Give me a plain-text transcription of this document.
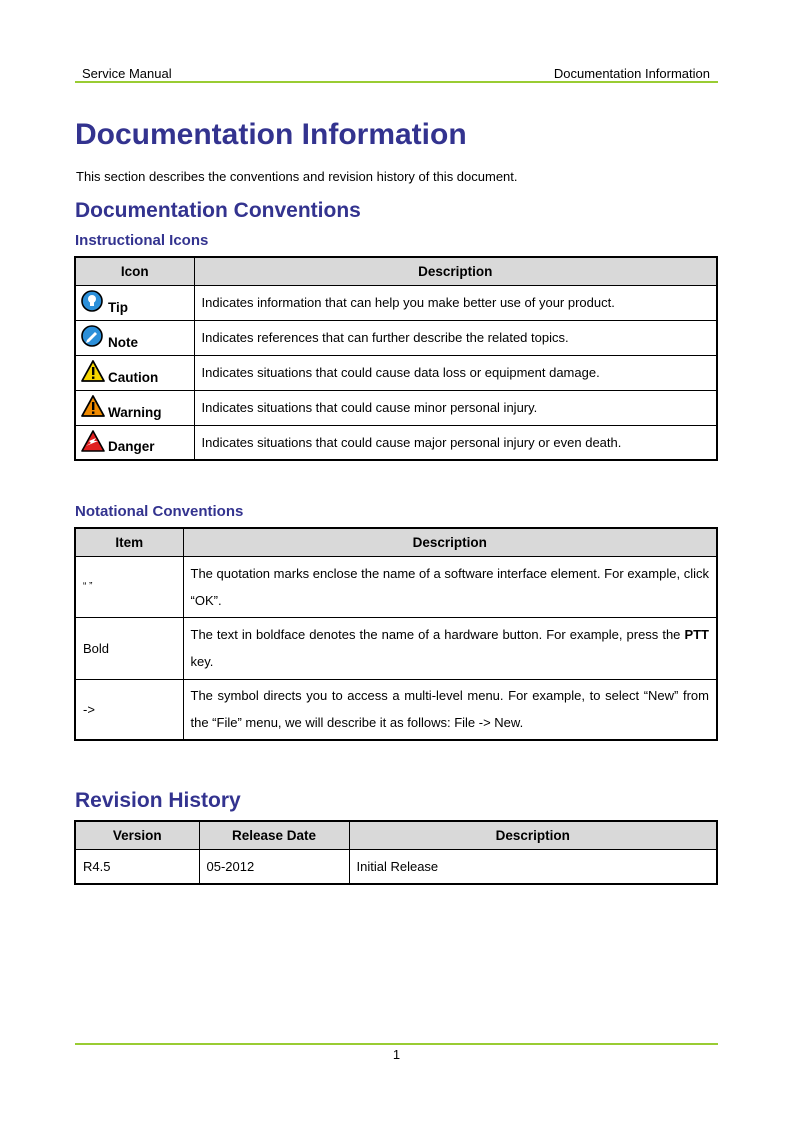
Service Manual	Documentation Information
Documentation Information
This section describes the conventions and revision history of this document.
Documentation Conventions
Instructional Icons
Icon	Description

Tip	Indicates information that can help you make better use of your product.

Note	Indicates references that can further describe the related topics.

Caution	Indicates situations that could cause data loss or equipment damage.

Warning	Indicates situations that could cause minor personal injury.

Danger	Indicates situations that could cause major personal injury or even death.
Notational Conventions
Item	Description
“ ”	The quotation marks enclose the name of a software interface element. For example, click “OK”.
Bold	The text in boldface denotes the name of a hardware button. For example, press the PTT key.
->	The symbol directs you to access a multi-level menu. For example, to select “New” from the “File” menu, we will describe it as follows: File -> New.
Revision History
Version	Release Date	Description
R4.5	05-2012	Initial Release
1
